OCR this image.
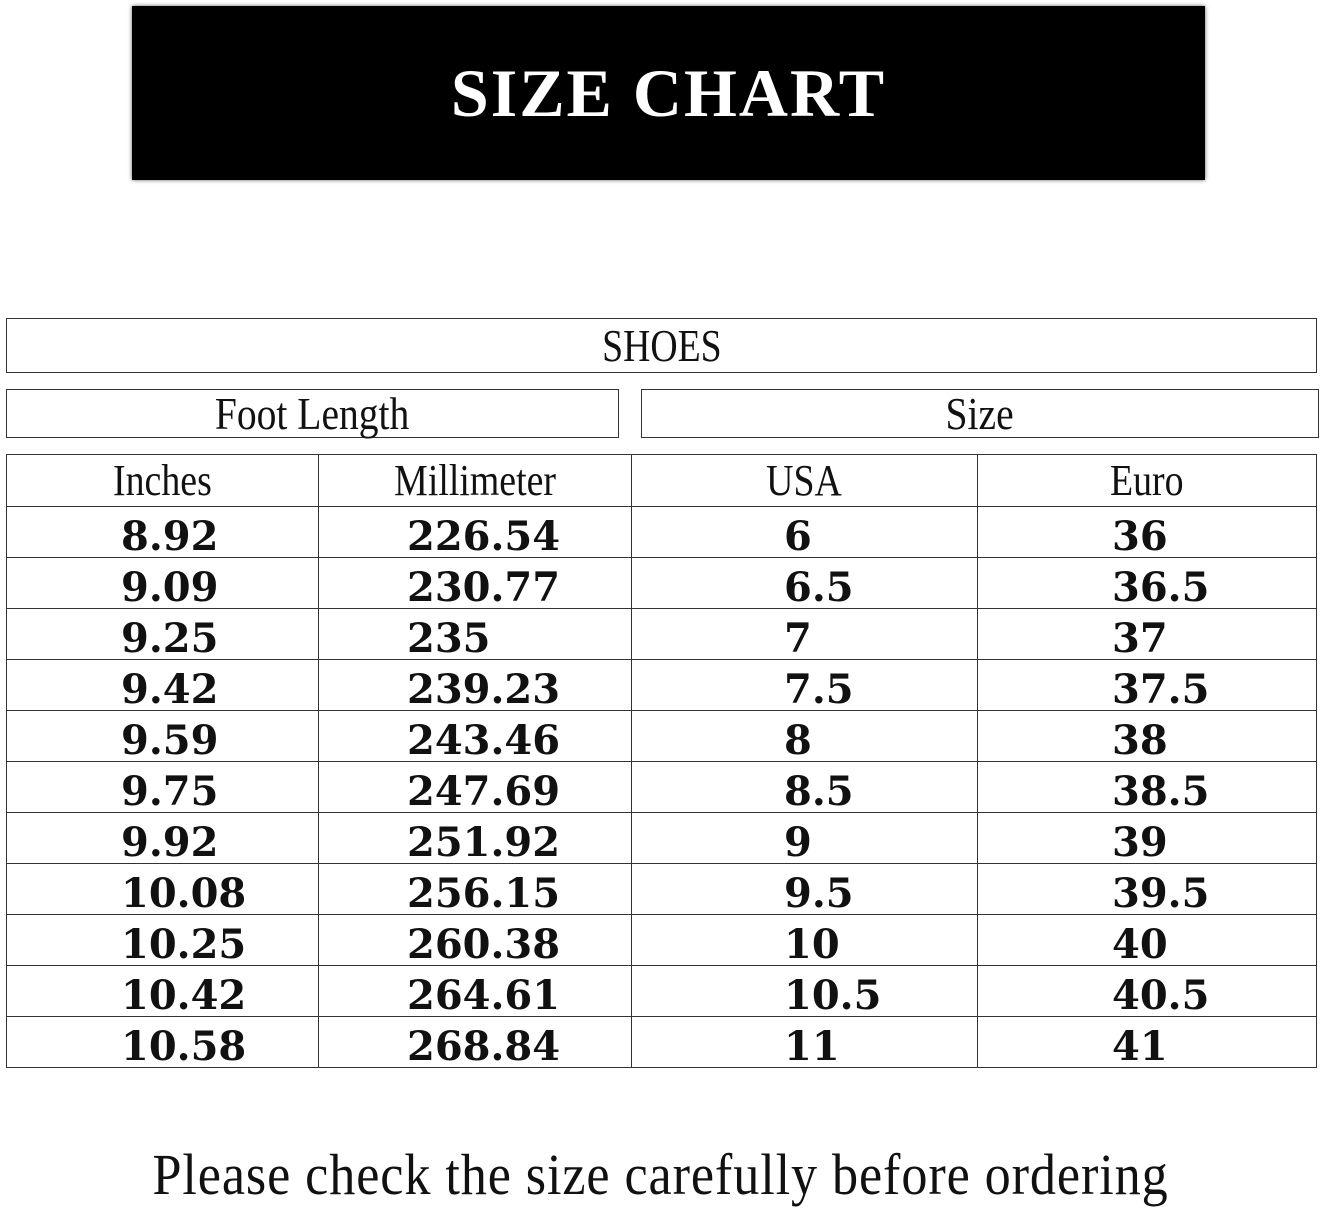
SIZE CHART
SHOES
Foot Length	Size
Inches	Millimeter	USA	Euro
8.92	226.54	6	36
9.09	230.77	6.5	36.5
9.25	235	7	37
9.42	239.23	7.5	37.5
9.59	243.46	8	38
9.75	247.69	8.5	38.5
9.92	251.92	9	39
10.08	256.15	9.5	39.5
10.25	260.38	10	40
10.42	264.61	10.5	40.5
10.58	268.84	11	41
Please check the size carefully before ordering
